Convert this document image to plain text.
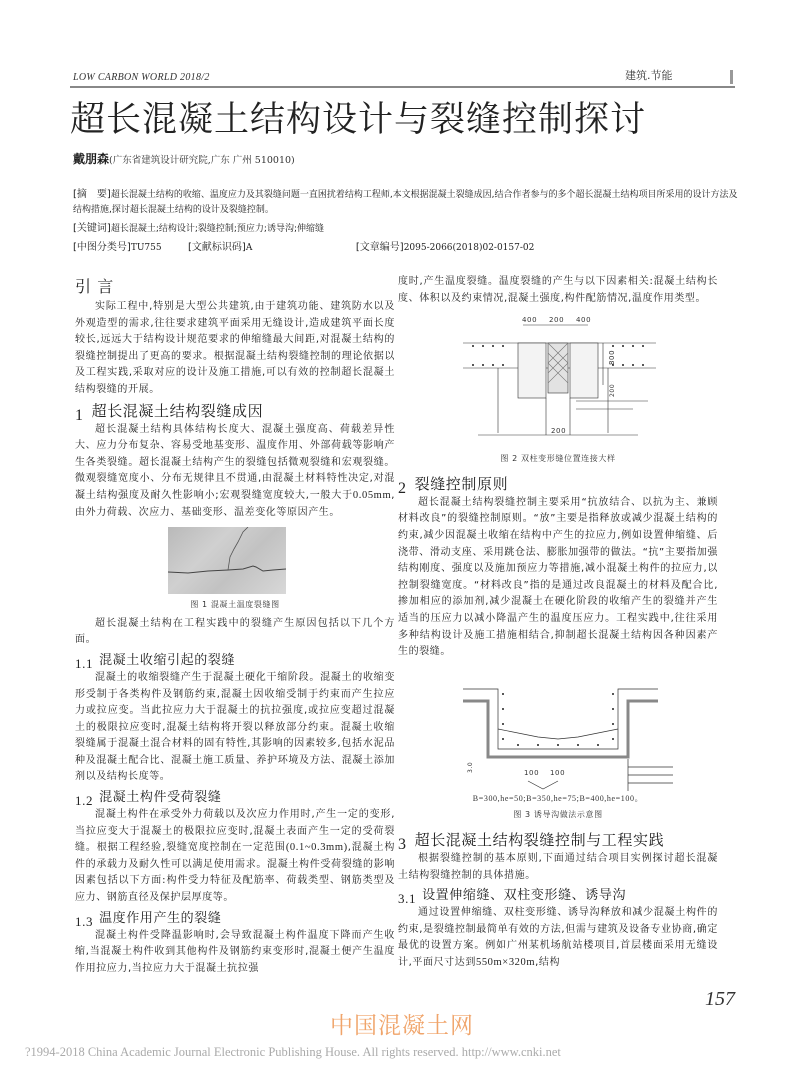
LOW CARBON WORLD 2018/2	建筑.节能
超长混凝土结构设计与裂缝控制探讨
戴朋森(广东省建筑设计研究院,广东 广州 510010)
[摘　要]超长混凝土结构的收缩、温度应力及其裂缝问题一直困扰着结构工程师,本文根据混凝土裂缝成因,结合作者参与的多个超长混凝土结构项目所采用的设计方法及结构措施,探讨超长混凝土结构的设计及裂缝控制。
[关键词]超长混凝土;结构设计;裂缝控制;预应力;诱导沟;伸缩缝
[中图分类号]TU755	[文献标识码]A	[文章编号]2095-2066(2018)02-0157-02
引 言

实际工程中,特别是大型公共建筑,由于建筑功能、建筑防水以及外观造型的需求,往往要求建筑平面采用无缝设计,造成建筑平面长度较长,远远大于结构设计规范要求的伸缩缝最大间距,对混凝土结构的裂缝控制提出了更高的要求。根据混凝土结构裂缝控制的理论依据以及工程实践,采取对应的设计及施工措施,可以有效的控制超长混凝土结构裂缝的开展。

1 超长混凝土结构裂缝成因

超长混凝土结构具体结构长度大、混凝土强度高、荷载差异性大、应力分布复杂、容易受地基变形、温度作用、外部荷载等影响产生各类裂缝。超长混凝土结构产生的裂缝包括微观裂缝和宏观裂缝。微观裂缝宽度小、分布无规律且不贯通,由混凝土材料特性决定,对混凝土结构强度及耐久性影响小;宏观裂缝宽度较大,一般大于0.05mm,由外力荷载、次应力、基础变形、温差变化等原因产生。

图 1 混凝土温度裂缝图

超长混凝土结构在工程实践中的裂缝产生原因包括以下几个方面。

1.1 混凝土收缩引起的裂缝

混凝土的收缩裂缝产生于混凝土硬化干缩阶段。混凝土的收缩变形受制于各类构件及钢筋约束,混凝土因收缩受制于约束而产生拉应力或拉应变。当此拉应力大于混凝土的抗拉强度,或拉应变超过混凝土的极限拉应变时,混凝土结构将开裂以释放部分约束。混凝土收缩裂缝属于混凝土混合材料的固有特性,其影响的因素较多,包括水泥品种及混凝土配合比、混凝土施工质量、养护环境及方法、混凝土添加剂以及结构长度等。

1.2 混凝土构件受荷裂缝

混凝土构件在承受外力荷载以及次应力作用时,产生一定的变形,当拉应变大于混凝土的极限拉应变时,混凝土表面产生一定的受荷裂缝。根据工程经验,裂缝宽度控制在一定范围(0.1~0.3mm),混凝土构件的承载力及耐久性可以满足使用需求。混凝土构件受荷裂缝的影响因素包括以下方面:构件受力特征及配筋率、荷载类型、钢筋类型及应力、钢筋直径及保护层厚度等。

1.3 温度作用产生的裂缝

混凝土构件受降温影响时,会导致混凝土构件温度下降而产生收缩,当混凝土构件收到其他构件及钢筋约束变形时,混凝土便产生温度作用拉应力,当拉应力大于混凝土抗拉强

度时,产生温度裂缝。温度裂缝的产生与以下因素相关:混凝土结构长度、体积以及约束情况,混凝土强度,构件配筋情况,温度作用类型。

400 200 400
800
200
200
图 2 双柱变形缝位置连接大样
2 裂缝控制原则

超长混凝土结构裂缝控制主要采用“抗放结合、以抗为主、兼顾材料改良”的裂缝控制原则。“放”主要是指释放或减少混凝土结构的约束,减少因混凝土收缩在结构中产生的拉应力,例如设置伸缩缝、后浇带、滑动支座、采用跳仓法、膨胀加强带的做法。“抗”主要指加强结构刚度、强度以及施加预应力等措施,减小混凝土构件的拉应力,以控制裂缝宽度。“材料改良”指的是通过改良混凝土的材料及配合比,掺加相应的添加剂,减少混凝土在硬化阶段的收缩产生的裂缝并产生适当的压应力以减小降温产生的温度压应力。工程实践中,往往采用多种结构设计及施工措施相结合,抑制超长混凝土结构因各种因素产生的裂缝。

100 100
3.0
B=300,he=50;B=350,he=75;B=400,he=100。
图 3 诱导沟做法示意图
3 超长混凝土结构裂缝控制与工程实践

根据裂缝控制的基本原则,下面通过结合项目实例探讨超长混凝土结构裂缝控制的具体措施。

3.1 设置伸缩缝、双柱变形缝、诱导沟

通过设置伸缩缝、双柱变形缝、诱导沟释放和减少混凝土构件的约束,是裂缝控制最简单有效的方法,但需与建筑及设备专业协商,确定最优的设置方案。例如广州某机场航站楼项目,首层楼面采用无缝设计,平面尺寸达到550m×320m,结构

157
中国混凝土网
?1994-2018 China Academic Journal Electronic Publishing House. All rights reserved. http://www.cnki.net
